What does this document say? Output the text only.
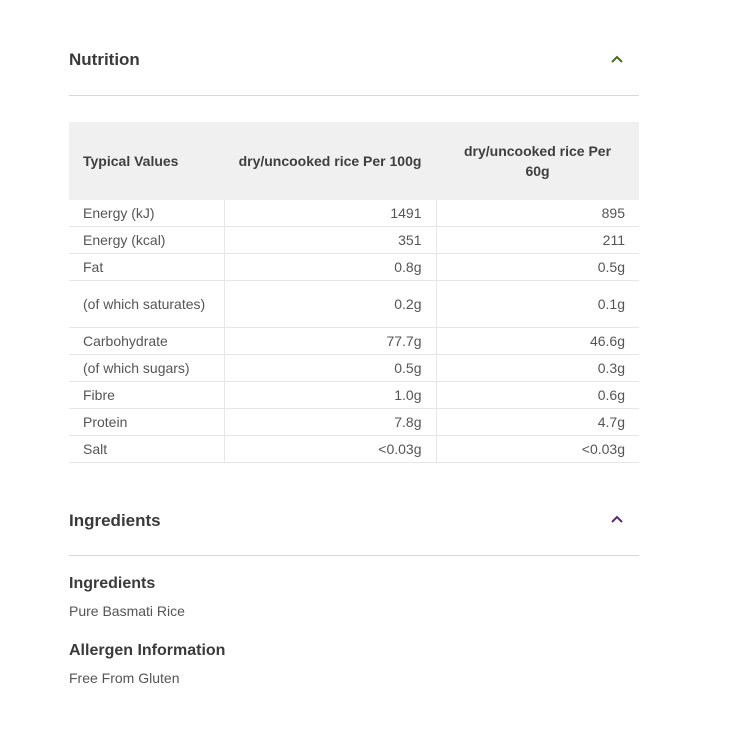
Nutrition
Typical Values	dry/uncooked rice Per 100g	dry/uncooked rice Per 60g
Energy (kJ)	1491	895
Energy (kcal)	351	211
Fat	0.8g	0.5g
(of which saturates)	0.2g	0.1g
Carbohydrate	77.7g	46.6g
(of which sugars)	0.5g	0.3g
Fibre	1.0g	0.6g
Protein	7.8g	4.7g
Salt	<0.03g	<0.03g
Ingredients
Ingredients
Pure Basmati Rice
Allergen Information
Free From Gluten
